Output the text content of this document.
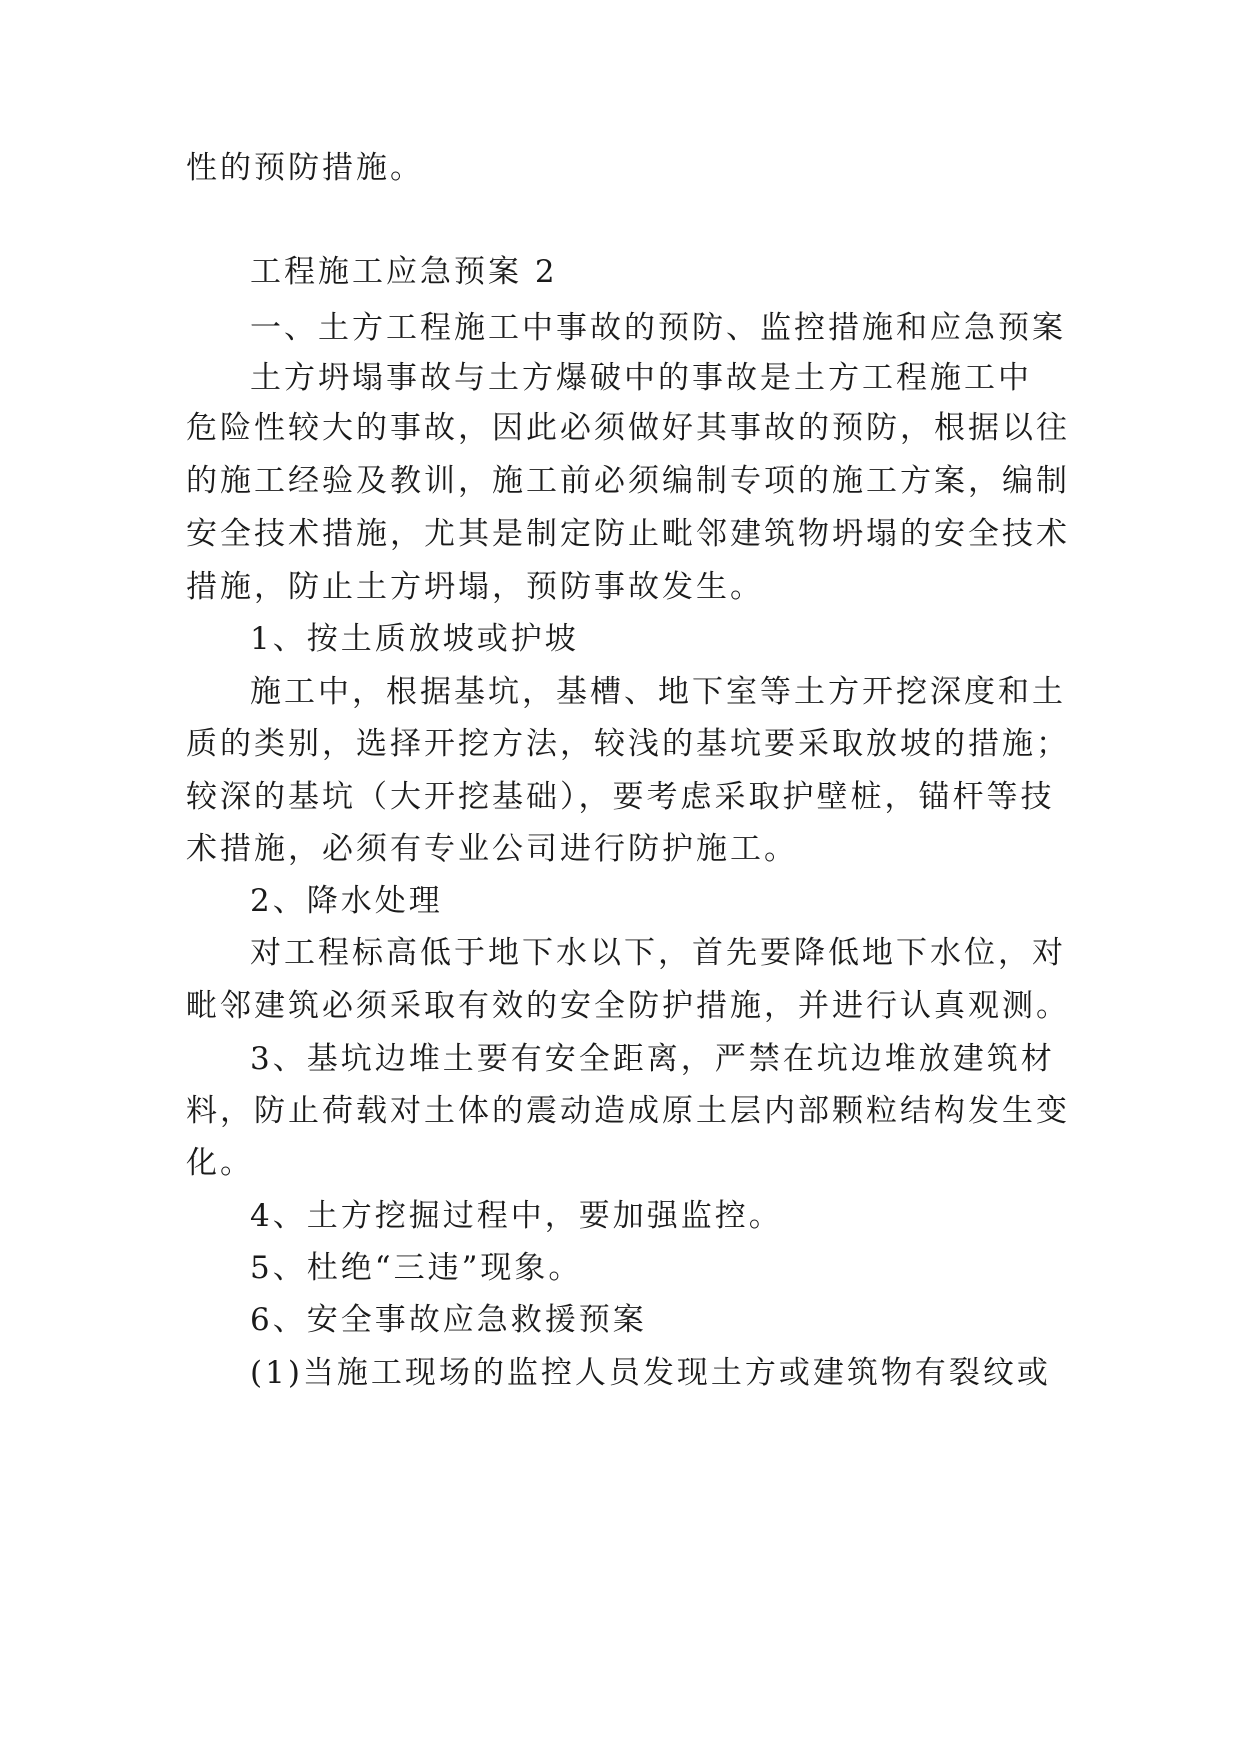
性的预防措施。
工程施工应急预案 2
一、土方工程施工中事故的预防、监控措施和应急预案
土方坍塌事故与土方爆破中的事故是土方工程施工中
危险性较大的事故，因此必须做好其事故的预防，根据以往
的施工经验及教训，施工前必须编制专项的施工方案，编制
安全技术措施，尤其是制定防止毗邻建筑物坍塌的安全技术
措施，防止土方坍塌，预防事故发生。
1、按土质放坡或护坡
施工中，根据基坑，基槽、地下室等土方开挖深度和土
质的类别，选择开挖方法，较浅的基坑要采取放坡的措施；
较深的基坑（大开挖基础），要考虑采取护壁桩，锚杆等技
术措施，必须有专业公司进行防护施工。
2、降水处理
对工程标高低于地下水以下，首先要降低地下水位，对
毗邻建筑必须采取有效的安全防护措施，并进行认真观测。
3、基坑边堆土要有安全距离，严禁在坑边堆放建筑材
料，防止荷载对土体的震动造成原土层内部颗粒结构发生变
化。
4、土方挖掘过程中，要加强监控。
5、杜绝“三违”现象。
6、安全事故应急救援预案
(1)当施工现场的监控人员发现土方或建筑物有裂纹或
